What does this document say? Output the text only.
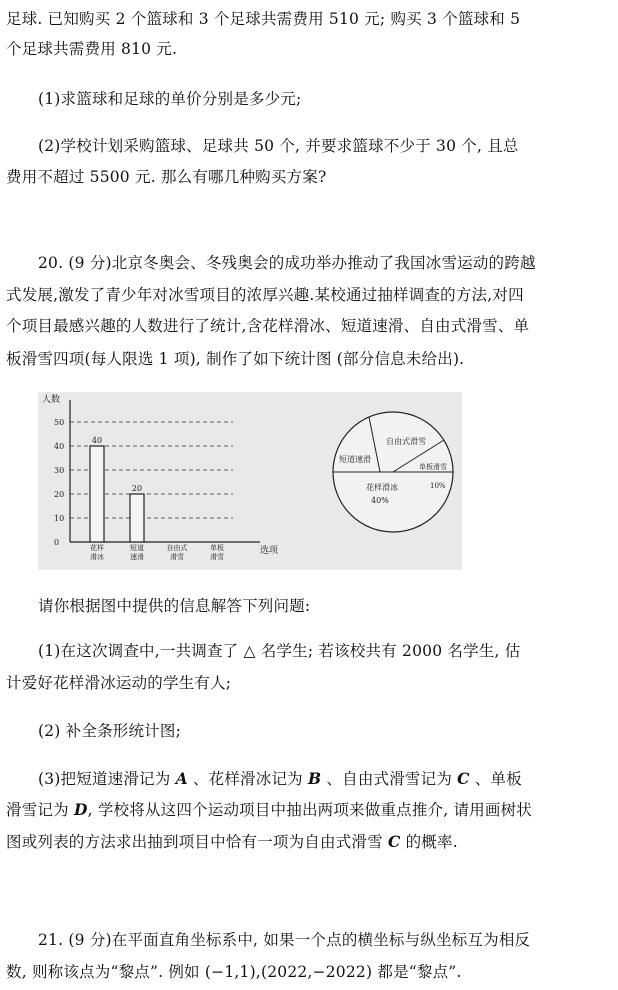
足球. 已知购买 2 个篮球和 3 个足球共需费用 510 元; 购买 3 个篮球和 5
个足球共需费用 810 元.
(1)求篮球和足球的单价分别是多少元;
(2)学校计划采购篮球、足球共 50 个, 并要求篮球不少于 30 个, 且总
费用不超过 5500 元. 那么有哪几种购买方案?
20. (9 分)北京冬奥会、冬残奥会的成功举办推动了我国冰雪运动的跨越
式发展,激发了青少年对冰雪项目的浓厚兴趣.某校通过抽样调查的方法,对四
个项目最感兴趣的人数进行了统计,含花样滑冰、短道速滑、自由式滑雪、单
板滑雪四项(每人限选 1 项), 制作了如下统计图 (部分信息未给出).
人数
0
10
20
30
40
50
40
20
花样
滑冰
短道
速滑
自由式
滑雪
单板
滑雪
选项
自由式滑雪
短道速滑
单板滑雪
10%
花样滑冰
40%
请你根据图中提供的信息解答下列问题:
(1)在这次调查中,一共调查了 △ 名学生; 若该校共有 2000 名学生, 估
计爱好花样滑冰运动的学生有人;
(2) 补全条形统计图;
(3)把短道速滑记为 A 、花样滑冰记为 B 、自由式滑雪记为 C 、单板
滑雪记为 D, 学校将从这四个运动项目中抽出两项来做重点推介, 请用画树状
图或列表的方法求出抽到项目中恰有一项为自由式滑雪 C 的概率.
21. (9 分)在平面直角坐标系中, 如果一个点的横坐标与纵坐标互为相反
数, 则称该点为“黎点”. 例如 (−1,1),(2022,−2022) 都是“黎点”.
